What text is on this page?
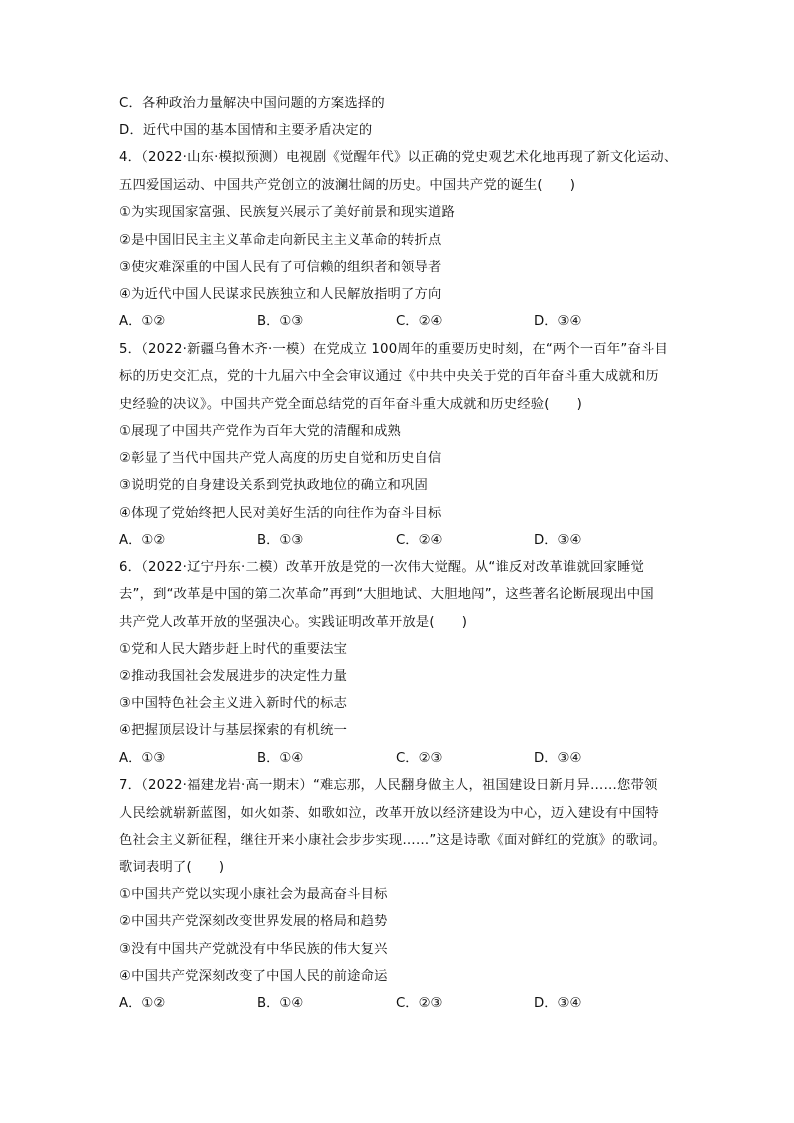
C．各种政治力量解决中国问题的方案选择的
D．近代中国的基本国情和主要矛盾决定的
4．（2022·山东·模拟预测）电视剧《觉醒年代》以正确的党史观艺术化地再现了新文化运动、
五四爱国运动、中国共产党创立的波澜壮阔的历史。中国共产党的诞生(　　)
①为实现国家富强、民族复兴展示了美好前景和现实道路
②是中国旧民主主义革命走向新民主主义革命的转折点
③使灾难深重的中国人民有了可信赖的组织者和领导者
④为近代中国人民谋求民族独立和人民解放指明了方向
A．①②	B．①③	C．②④	D．③④
5．（2022·新疆乌鲁木齐·一模）在党成立 100周年的重要历史时刻，在“两个一百年”奋斗目
标的历史交汇点，党的十九届六中全会审议通过《中共中央关于党的百年奋斗重大成就和历
史经验的决议》。中国共产党全面总结党的百年奋斗重大成就和历史经验(　　)
①展现了中国共产党作为百年大党的清醒和成熟
②彰显了当代中国共产党人高度的历史自觉和历史自信
③说明党的自身建设关系到党执政地位的确立和巩固
④体现了党始终把人民对美好生活的向往作为奋斗目标
A．①②	B．①③	C．②④	D．③④
6．（2022·辽宁丹东·二模）改革开放是党的一次伟大觉醒。从“谁反对改革谁就回家睡觉
去”，到“改革是中国的第二次革命”再到“大胆地试、大胆地闯”，这些著名论断展现出中国
共产党人改革开放的坚强决心。实践证明改革开放是(　　)
①党和人民大踏步赶上时代的重要法宝
②推动我国社会发展进步的决定性力量
③中国特色社会主义进入新时代的标志
④把握顶层设计与基层探索的有机统一
A．①③	B．①④	C．②③	D．③④
7．（2022·福建龙岩·高一期末）“难忘那，人民翻身做主人，祖国建设日新月异……您带领
人民绘就崭新蓝图，如火如荼、如歌如泣，改革开放以经济建设为中心，迈入建设有中国特
色社会主义新征程，继往开来小康社会步步实现……”这是诗歌《面对鲜红的党旗》的歌词。
歌词表明了(　　)
①中国共产党以实现小康社会为最高奋斗目标
②中国共产党深刻改变世界发展的格局和趋势
③没有中国共产党就没有中华民族的伟大复兴
④中国共产党深刻改变了中国人民的前途命运
A．①②	B．①④	C．②③	D．③④
